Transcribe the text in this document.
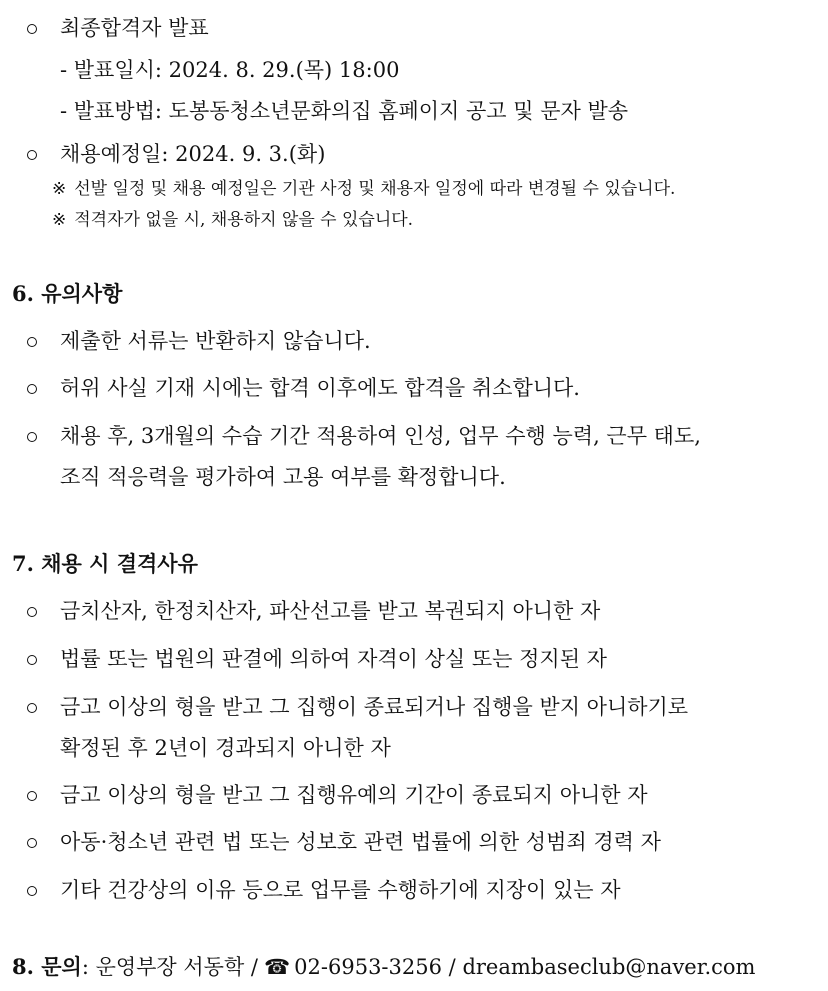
최종합격자 발표
- 발표일시: 2024. 8. 29.(목) 18:00
- 발표방법: 도봉동청소년문화의집 홈페이지 공고 및 문자 발송
채용예정일: 2024. 9. 3.(화)
※ 선발 일정 및 채용 예정일은 기관 사정 및 채용자 일정에 따라 변경될 수 있습니다.
※ 적격자가 없을 시, 채용하지 않을 수 있습니다.
6. 유의사항
제출한 서류는 반환하지 않습니다.
허위 사실 기재 시에는 합격 이후에도 합격을 취소합니다.
채용 후, 3개월의 수습 기간 적용하여 인성, 업무 수행 능력, 근무 태도,
조직 적응력을 평가하여 고용 여부를 확정합니다.
7. 채용 시 결격사유
금치산자, 한정치산자, 파산선고를 받고 복권되지 아니한 자
법률 또는 법원의 판결에 의하여 자격이 상실 또는 정지된 자
금고 이상의 형을 받고 그 집행이 종료되거나 집행을 받지 아니하기로
확정된 후 2년이 경과되지 아니한 자
금고 이상의 형을 받고 그 집행유예의 기간이 종료되지 아니한 자
아동·청소년 관련 법 또는 성보호 관련 법률에 의한 성범죄 경력 자
기타 건강상의 이유 등으로 업무를 수행하기에 지장이 있는 자
8. 문의: 운영부장 서동학 / ☎ 02-6953-3256 / dreambaseclub@naver.com
